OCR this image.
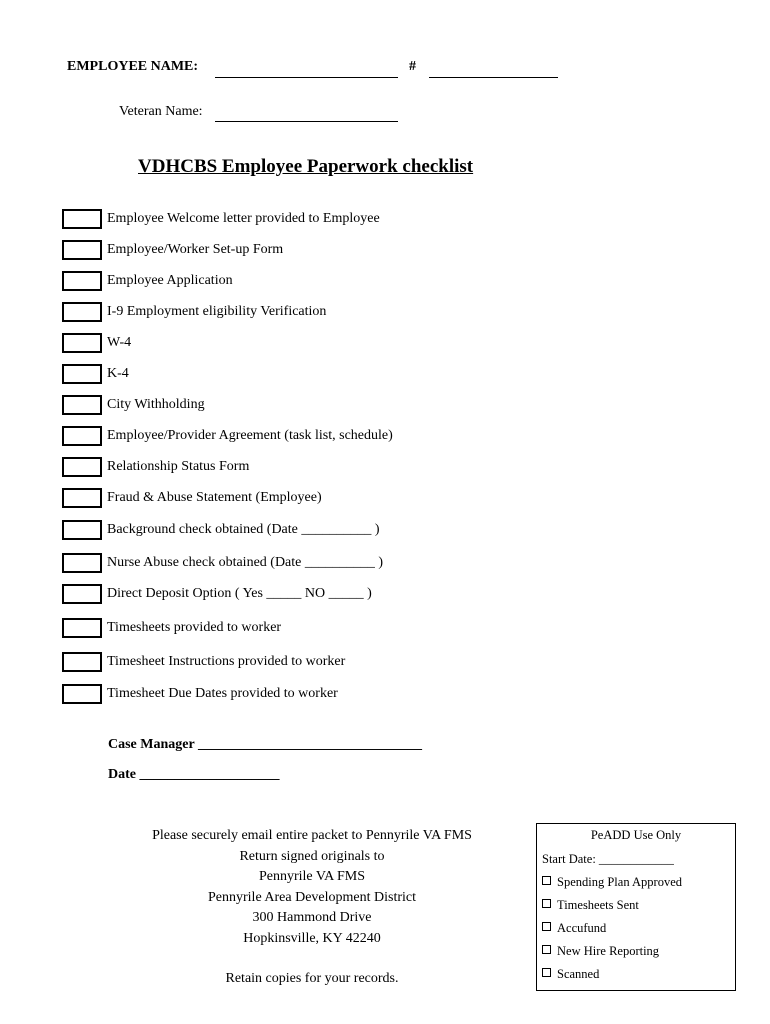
EMPLOYEE NAME:	#
Veteran Name:
VDHCBS Employee Paperwork checklist
Employee Welcome letter provided to Employee
Employee/Worker Set-up Form
Employee Application
I-9 Employment eligibility Verification
W-4
K-4
City Withholding
Employee/Provider Agreement (task list, schedule)
Relationship Status Form
Fraud & Abuse Statement (Employee)
Background check obtained (Date __________ )
Nurse Abuse check obtained (Date __________ )
Direct Deposit Option ( Yes _____ NO _____ )
Timesheets provided to worker
Timesheet Instructions provided to worker
Timesheet Due Dates provided to worker
Case Manager ________________________________
Date ____________________
Please securely email entire packet to Pennyrile VA FMS
Return signed originals to
Pennyrile VA FMS
Pennyrile Area Development District
300 Hammond Drive
Hopkinsville, KY 42240
Retain copies for your records.
PeADD Use Only
Start Date: ____________
Spending Plan Approved
Timesheets Sent
Accufund
New Hire Reporting
Scanned
